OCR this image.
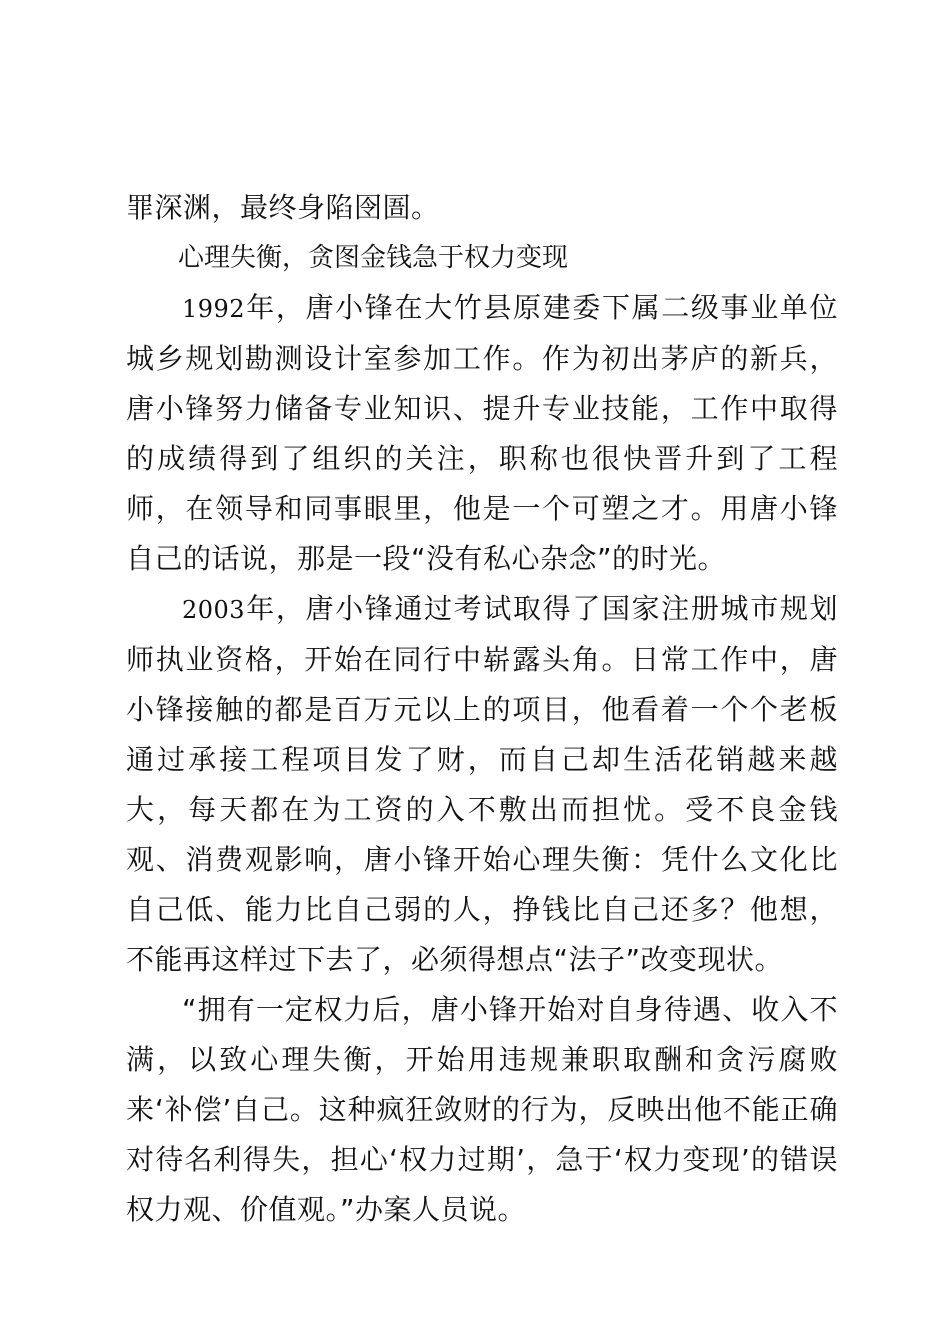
罪深渊，最终身陷囹圄。

心理失衡，贪图金钱急于权力变现

1992年，唐小锋在大竹县原建委下属二级事业单位城乡规划勘测设计室参加工作。作为初出茅庐的新兵，唐小锋努力储备专业知识、提升专业技能，工作中取得的成绩得到了组织的关注，职称也很快晋升到了工程师，在领导和同事眼里，他是一个可塑之才。用唐小锋自己的话说，那是一段“没有私心杂念”的时光。

2003年，唐小锋通过考试取得了国家注册城市规划师执业资格，开始在同行中崭露头角。日常工作中，唐小锋接触的都是百万元以上的项目，他看着一个个老板通过承接工程项目发了财，而自己却生活花销越来越大，每天都在为工资的入不敷出而担忧。受不良金钱观、消费观影响，唐小锋开始心理失衡：凭什么文化比自己低、能力比自己弱的人，挣钱比自己还多？他想，不能再这样过下去了，必须得想点“法子”改变现状。

“拥有一定权力后，唐小锋开始对自身待遇、收入不满，以致心理失衡，开始用违规兼职取酬和贪污腐败来‘补偿’自己。这种疯狂敛财的行为，反映出他不能正确对待名利得失，担心‘权力过期’，急于‘权力变现’的错误权力观、价值观。”办案人员说。
